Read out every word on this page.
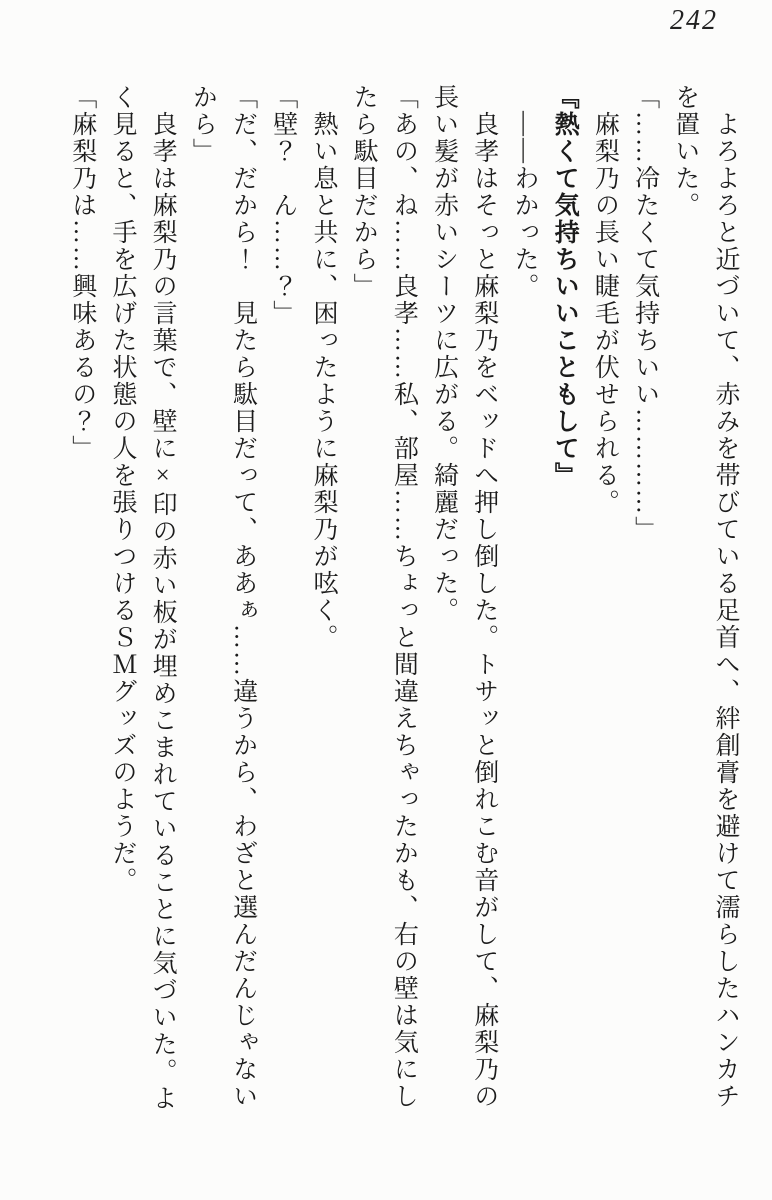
242

よろよろと近づいて、赤みを帯びている足首へ、絆創膏を避けて濡らしたハンカチ

を置いた。

「……冷たくて気持ちいい…………」

麻梨乃の長い睫毛が伏せられる。

『熱くて気持ちいいこともして』

――わかった。

良孝はそっと麻梨乃をベッドへ押し倒した。トサッと倒れこむ音がして、麻梨乃の

長い髪が赤いシーツに広がる。綺麗だった。

「あの、ね……良孝……私、部屋……ちょっと間違えちゃったかも、右の壁は気にし

たら駄目だから」

熱い息と共に、困ったように麻梨乃が呟く。

「壁？　ん……？」

「だ、だから！　見たら駄目だって、ああぁ……違うから、わざと選んだんじゃない

から」

良孝は麻梨乃の言葉で、壁に×印の赤い板が埋めこまれていることに気づいた。よ

く見ると、手を広げた状態の人を張りつけるＳＭグッズのようだ。

「麻梨乃は……興味あるの？」
